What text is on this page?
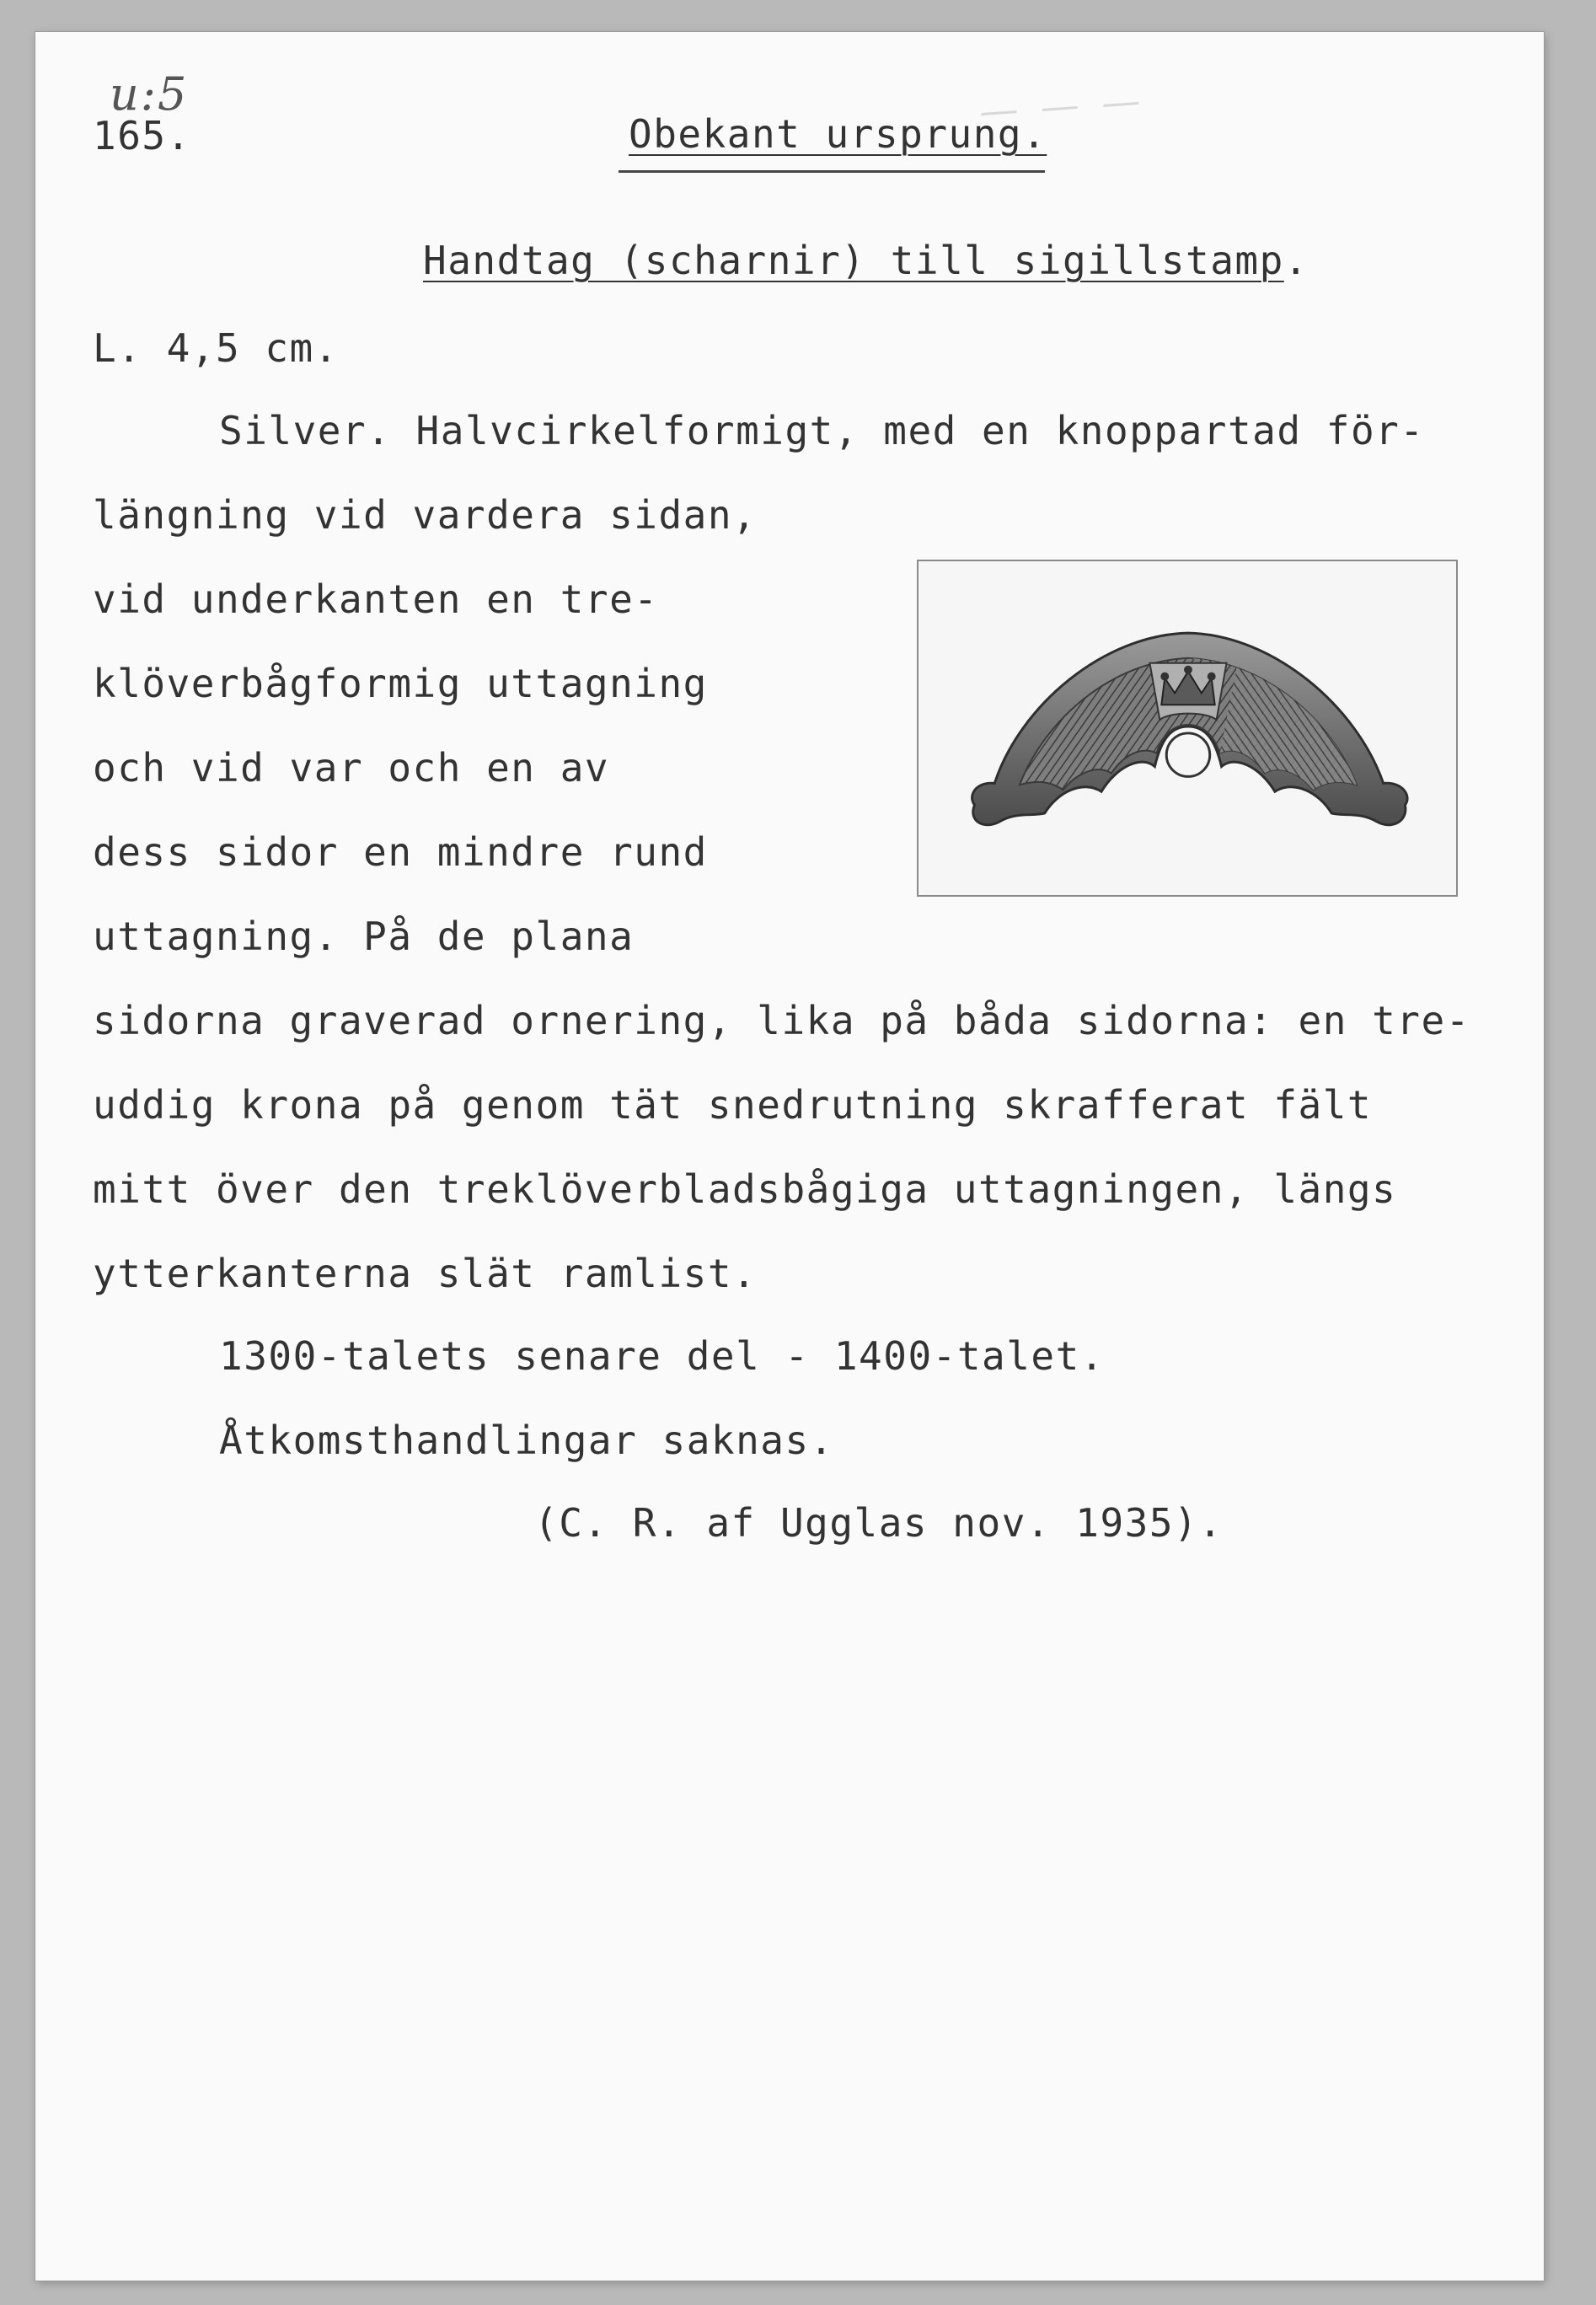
u:5	— — —
165.	Obekant ursprung.
Handtag (scharnir) till sigillstamp.
L. 4,5 cm.
Silver. Halvcirkelformigt, med en knoppartad för-
längning vid vardera sidan,
vid underkanten en tre-
klöverbågformig uttagning
och vid var och en av
dess sidor en mindre rund
uttagning. På de plana
sidorna graverad ornering, lika på båda sidorna: en tre-
uddig krona på genom tät snedrutning skrafferat fält
mitt över den treklöverbladsbågiga uttagningen, längs
ytterkanterna slät ramlist.
1300-talets senare del - 1400-talet.
Åtkomsthandlingar saknas.
(C. R. af Ugglas nov. 1935).
